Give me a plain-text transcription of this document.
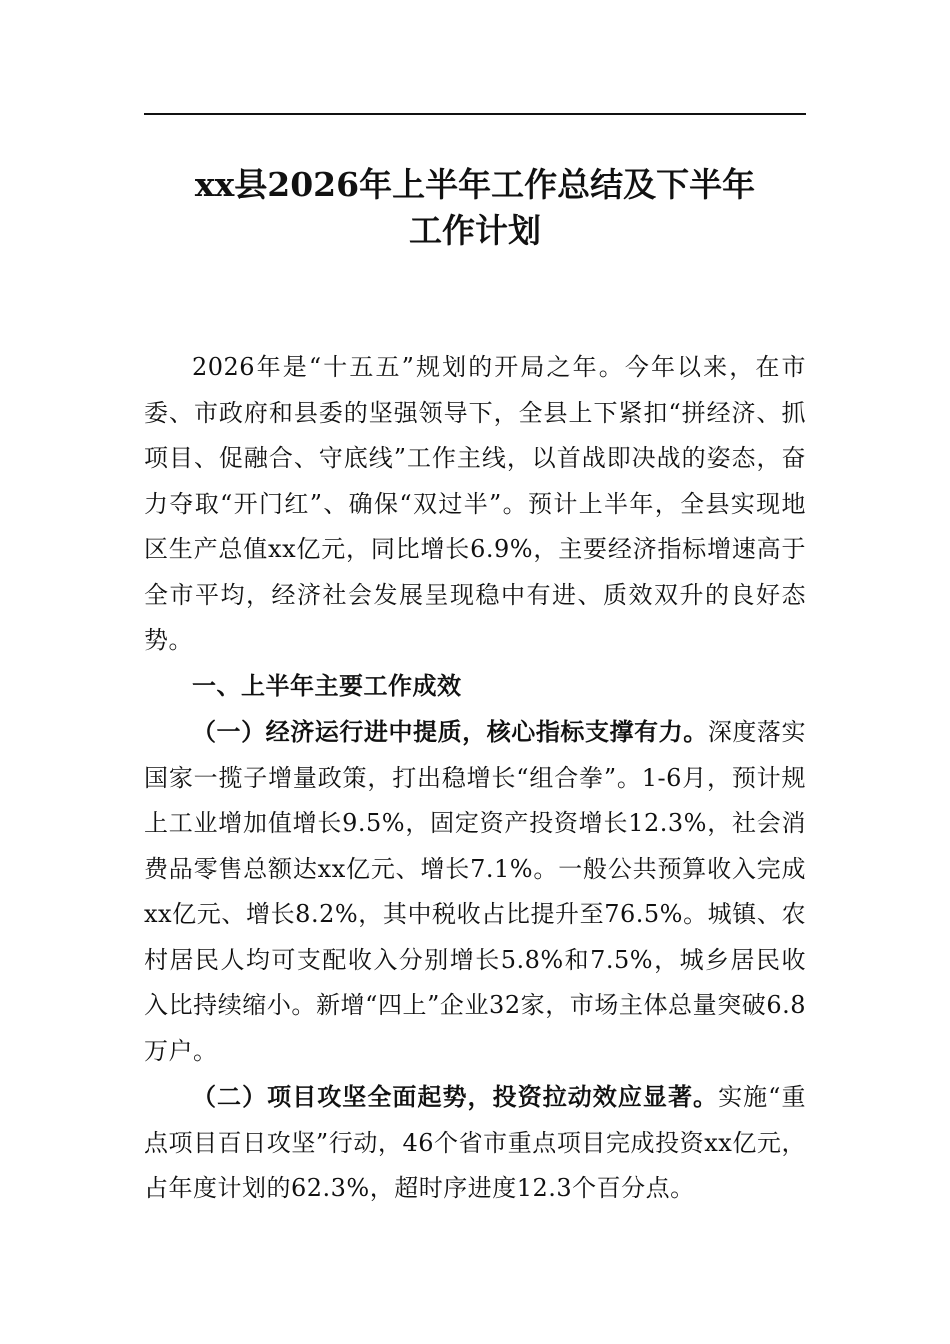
xx县2026年上半年工作总结及下半年
工作计划

2026年是“十五五”规划的开局之年。今年以来，在市委、市政府和县委的坚强领导下，全县上下紧扣“拼经济、抓项目、促融合、守底线”工作主线，以首战即决战的姿态，奋力夺取“开门红”、确保“双过半”。预计上半年，全县实现地区生产总值xx亿元，同比增长6.9%，主要经济指标增速高于全市平均，经济社会发展呈现稳中有进、质效双升的良好态势。

一、上半年主要工作成效

（一）经济运行进中提质，核心指标支撑有力。深度落实国家一揽子增量政策，打出稳增长“组合拳”。1-6月，预计规上工业增加值增长9.5%，固定资产投资增长12.3%，社会消费品零售总额达xx亿元、增长7.1%。一般公共预算收入完成xx亿元、增长8.2%，其中税收占比提升至76.5%。城镇、农村居民人均可支配收入分别增长5.8%和7.5%，城乡居民收入比持续缩小。新增“四上”企业32家，市场主体总量突破6.8万户。

（二）项目攻坚全面起势，投资拉动效应显著。实施“重点项目百日攻坚”行动，46个省市重点项目完成投资xx亿元，占年度计划的62.3%，超时序进度12.3个百分点。
